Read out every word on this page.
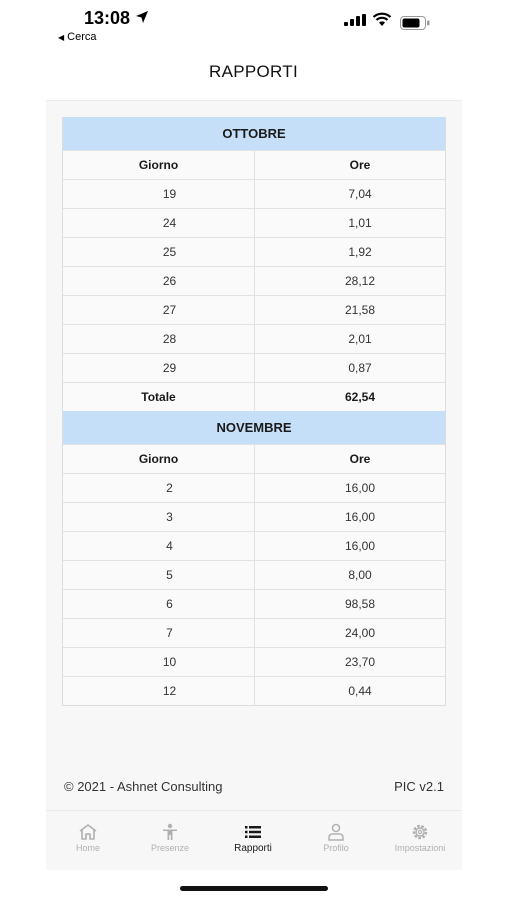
13:08
◀ Cerca
RAPPORTI
OTTOBRE
Giorno	Ore
19	7,04
24	1,01
25	1,92
26	28,12
27	21,58
28	2,01
29	0,87
Totale	62,54
NOVEMBRE
Giorno	Ore
2	16,00
3	16,00
4	16,00
5	8,00
6	98,58
7	24,00
10	23,70
12	0,44
© 2021 - Ashnet Consulting	PIC v2.1
Home	Presenze	Rapporti	Profilo	Impostazioni
